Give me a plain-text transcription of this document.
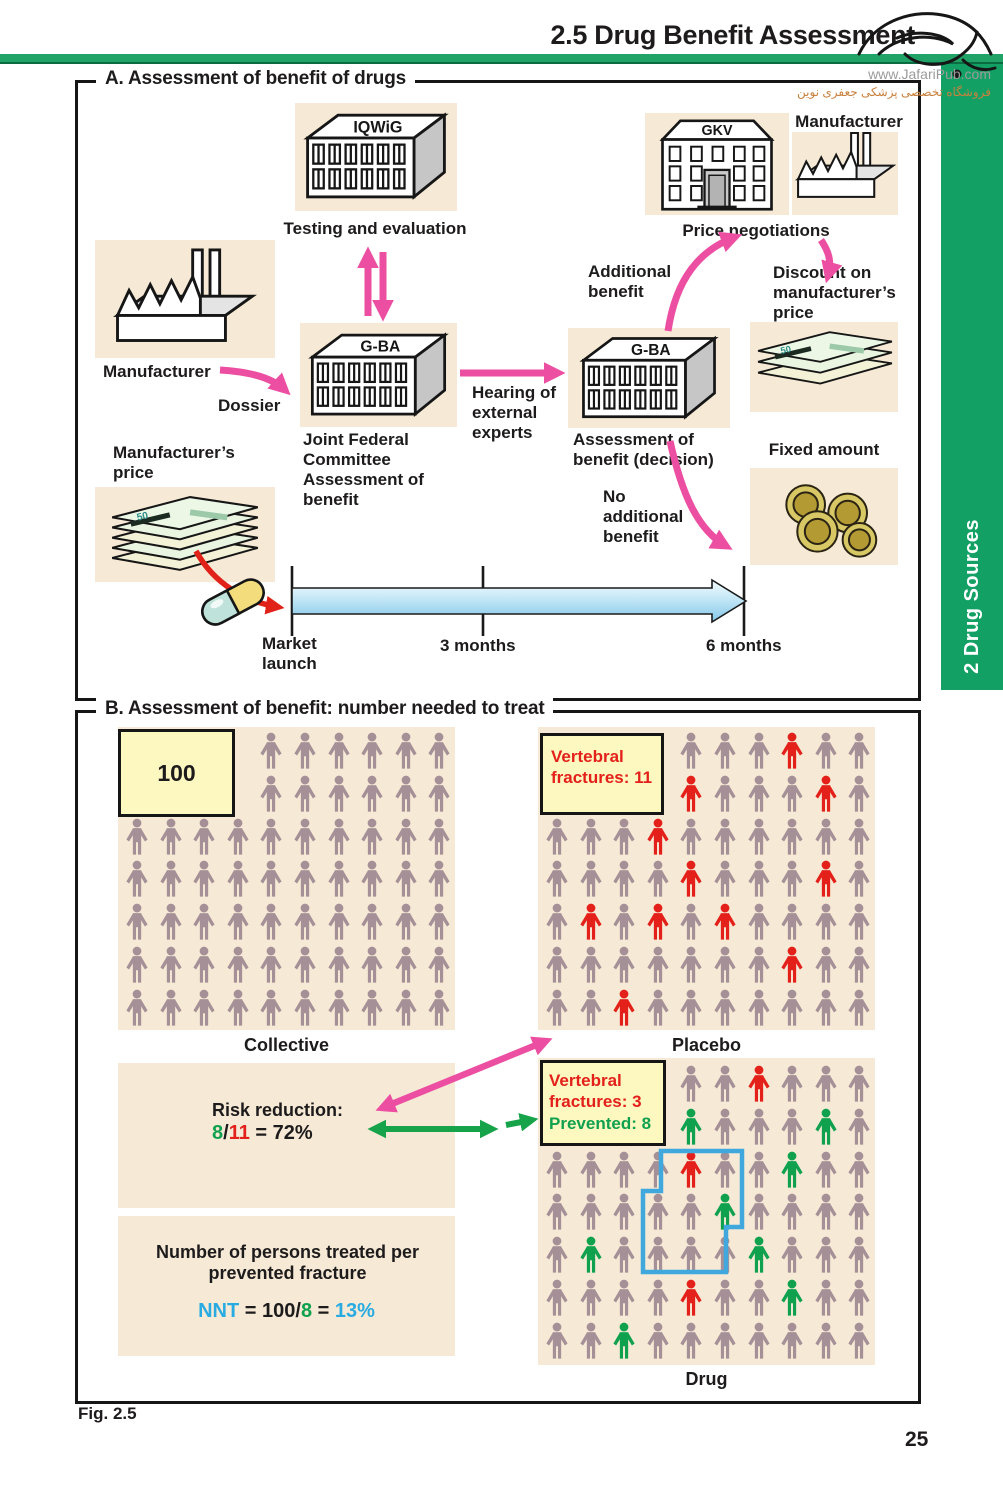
2.5 Drug Benefit Assessment
www.JafariPub.com
فروشگاه تخصصی پزشکی جعفری نوین
2 Drug Sources
A. Assessment of benefit of drugs
IQWiG	GKV
G-BA	G-BA	50
50
Testing and evaluation
Manufacturer
Price negotiations
Additional benefit
Discount on manufacturer’s price
Manufacturer
Dossier
Joint Federal Committee Assessment of benefit
Hearing of external experts	Assessment of benefit (decision)
No additional benefit
Fixed amount
Manufacturer’s price
Market launch
3 months	6 months
B. Assessment of benefit: number needed to treat
100
Vertebral fractures: 11
Vertebral fractures: 3
Prevented: 8
Collective	Placebo
Drug
Risk reduction:
8/11 = 72%
Number of persons treated per prevented fracture
NNT = 100/8 = 13%
Fig. 2.5
25
